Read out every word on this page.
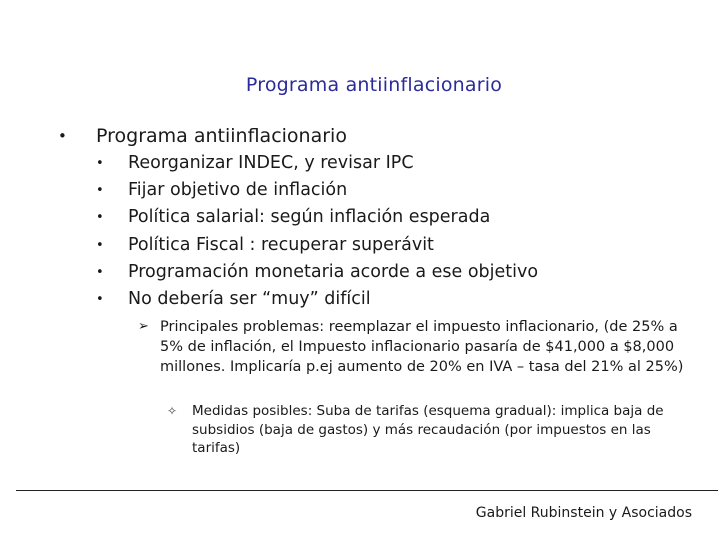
Programa antiinflacionario
• Programa antiinflacionario
• Reorganizar INDEC, y revisar IPC
• Fijar objetivo de inflación
• Política salarial: según inflación esperada
• Política Fiscal : recuperar superávit
• Programación monetaria acorde a ese objetivo
• No debería ser “muy” difícil
➢ Principales problemas: reemplazar el impuesto inflacionario, (de 25% a 5% de inflación, el Impuesto inflacionario pasaría de $41,000 a $8,000 millones. Implicaría p.ej aumento de 20% en IVA – tasa del 21% al 25%)
✧ Medidas posibles: Suba de tarifas (esquema gradual): implica baja de subsidios (baja de gastos) y más recaudación (por impuestos en las tarifas)
Gabriel Rubinstein y Asociados
